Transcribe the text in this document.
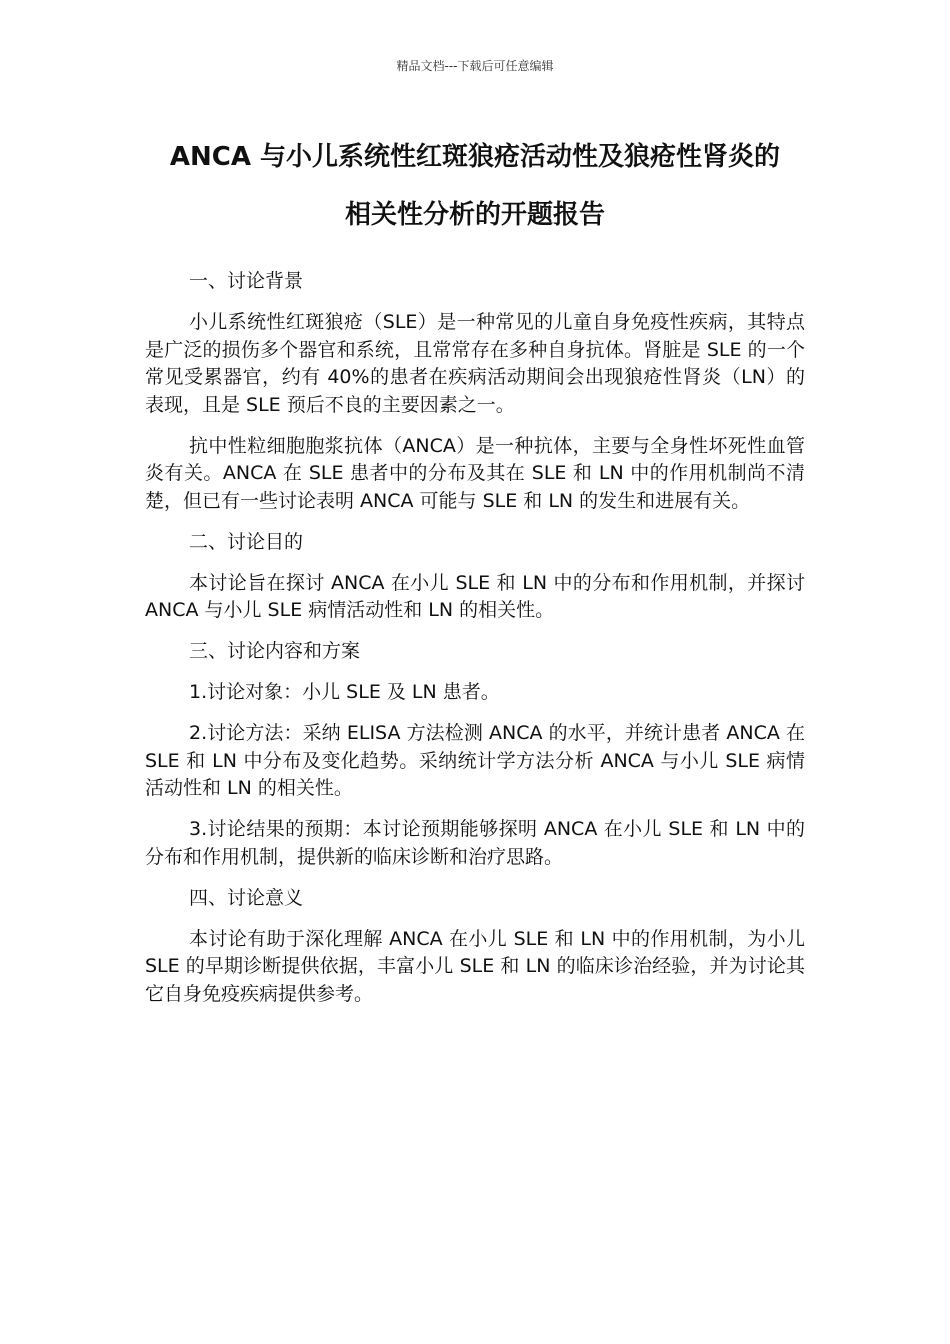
精品文档---下载后可任意编辑
ANCA 与小儿系统性红斑狼疮活动性及狼疮性肾炎的
相关性分析的开题报告

一、讨论背景

小儿系统性红斑狼疮（SLE）是一种常见的儿童自身免疫性疾病，其特点是广泛的损伤多个器官和系统，且常常存在多种自身抗体。肾脏是 SLE 的一个常见受累器官，约有 40%的患者在疾病活动期间会出现狼疮性肾炎（LN）的表现，且是 SLE 预后不良的主要因素之一。

抗中性粒细胞胞浆抗体（ANCA）是一种抗体，主要与全身性坏死性血管炎有关。ANCA 在 SLE 患者中的分布及其在 SLE 和 LN 中的作用机制尚不清楚，但已有一些讨论表明 ANCA 可能与 SLE 和 LN 的发生和进展有关。

二、讨论目的

本讨论旨在探讨 ANCA 在小儿 SLE 和 LN 中的分布和作用机制，并探讨 ANCA 与小儿 SLE 病情活动性和 LN 的相关性。

三、讨论内容和方案

1.讨论对象：小儿 SLE 及 LN 患者。

2.讨论方法：采纳 ELISA 方法检测 ANCA 的水平，并统计患者 ANCA 在 SLE 和 LN 中分布及变化趋势。采纳统计学方法分析 ANCA 与小儿 SLE 病情活动性和 LN 的相关性。

3.讨论结果的预期：本讨论预期能够探明 ANCA 在小儿 SLE 和 LN 中的分布和作用机制，提供新的临床诊断和治疗思路。

四、讨论意义

本讨论有助于深化理解 ANCA 在小儿 SLE 和 LN 中的作用机制，为小儿 SLE 的早期诊断提供依据，丰富小儿 SLE 和 LN 的临床诊治经验，并为讨论其它自身免疫疾病提供参考。
